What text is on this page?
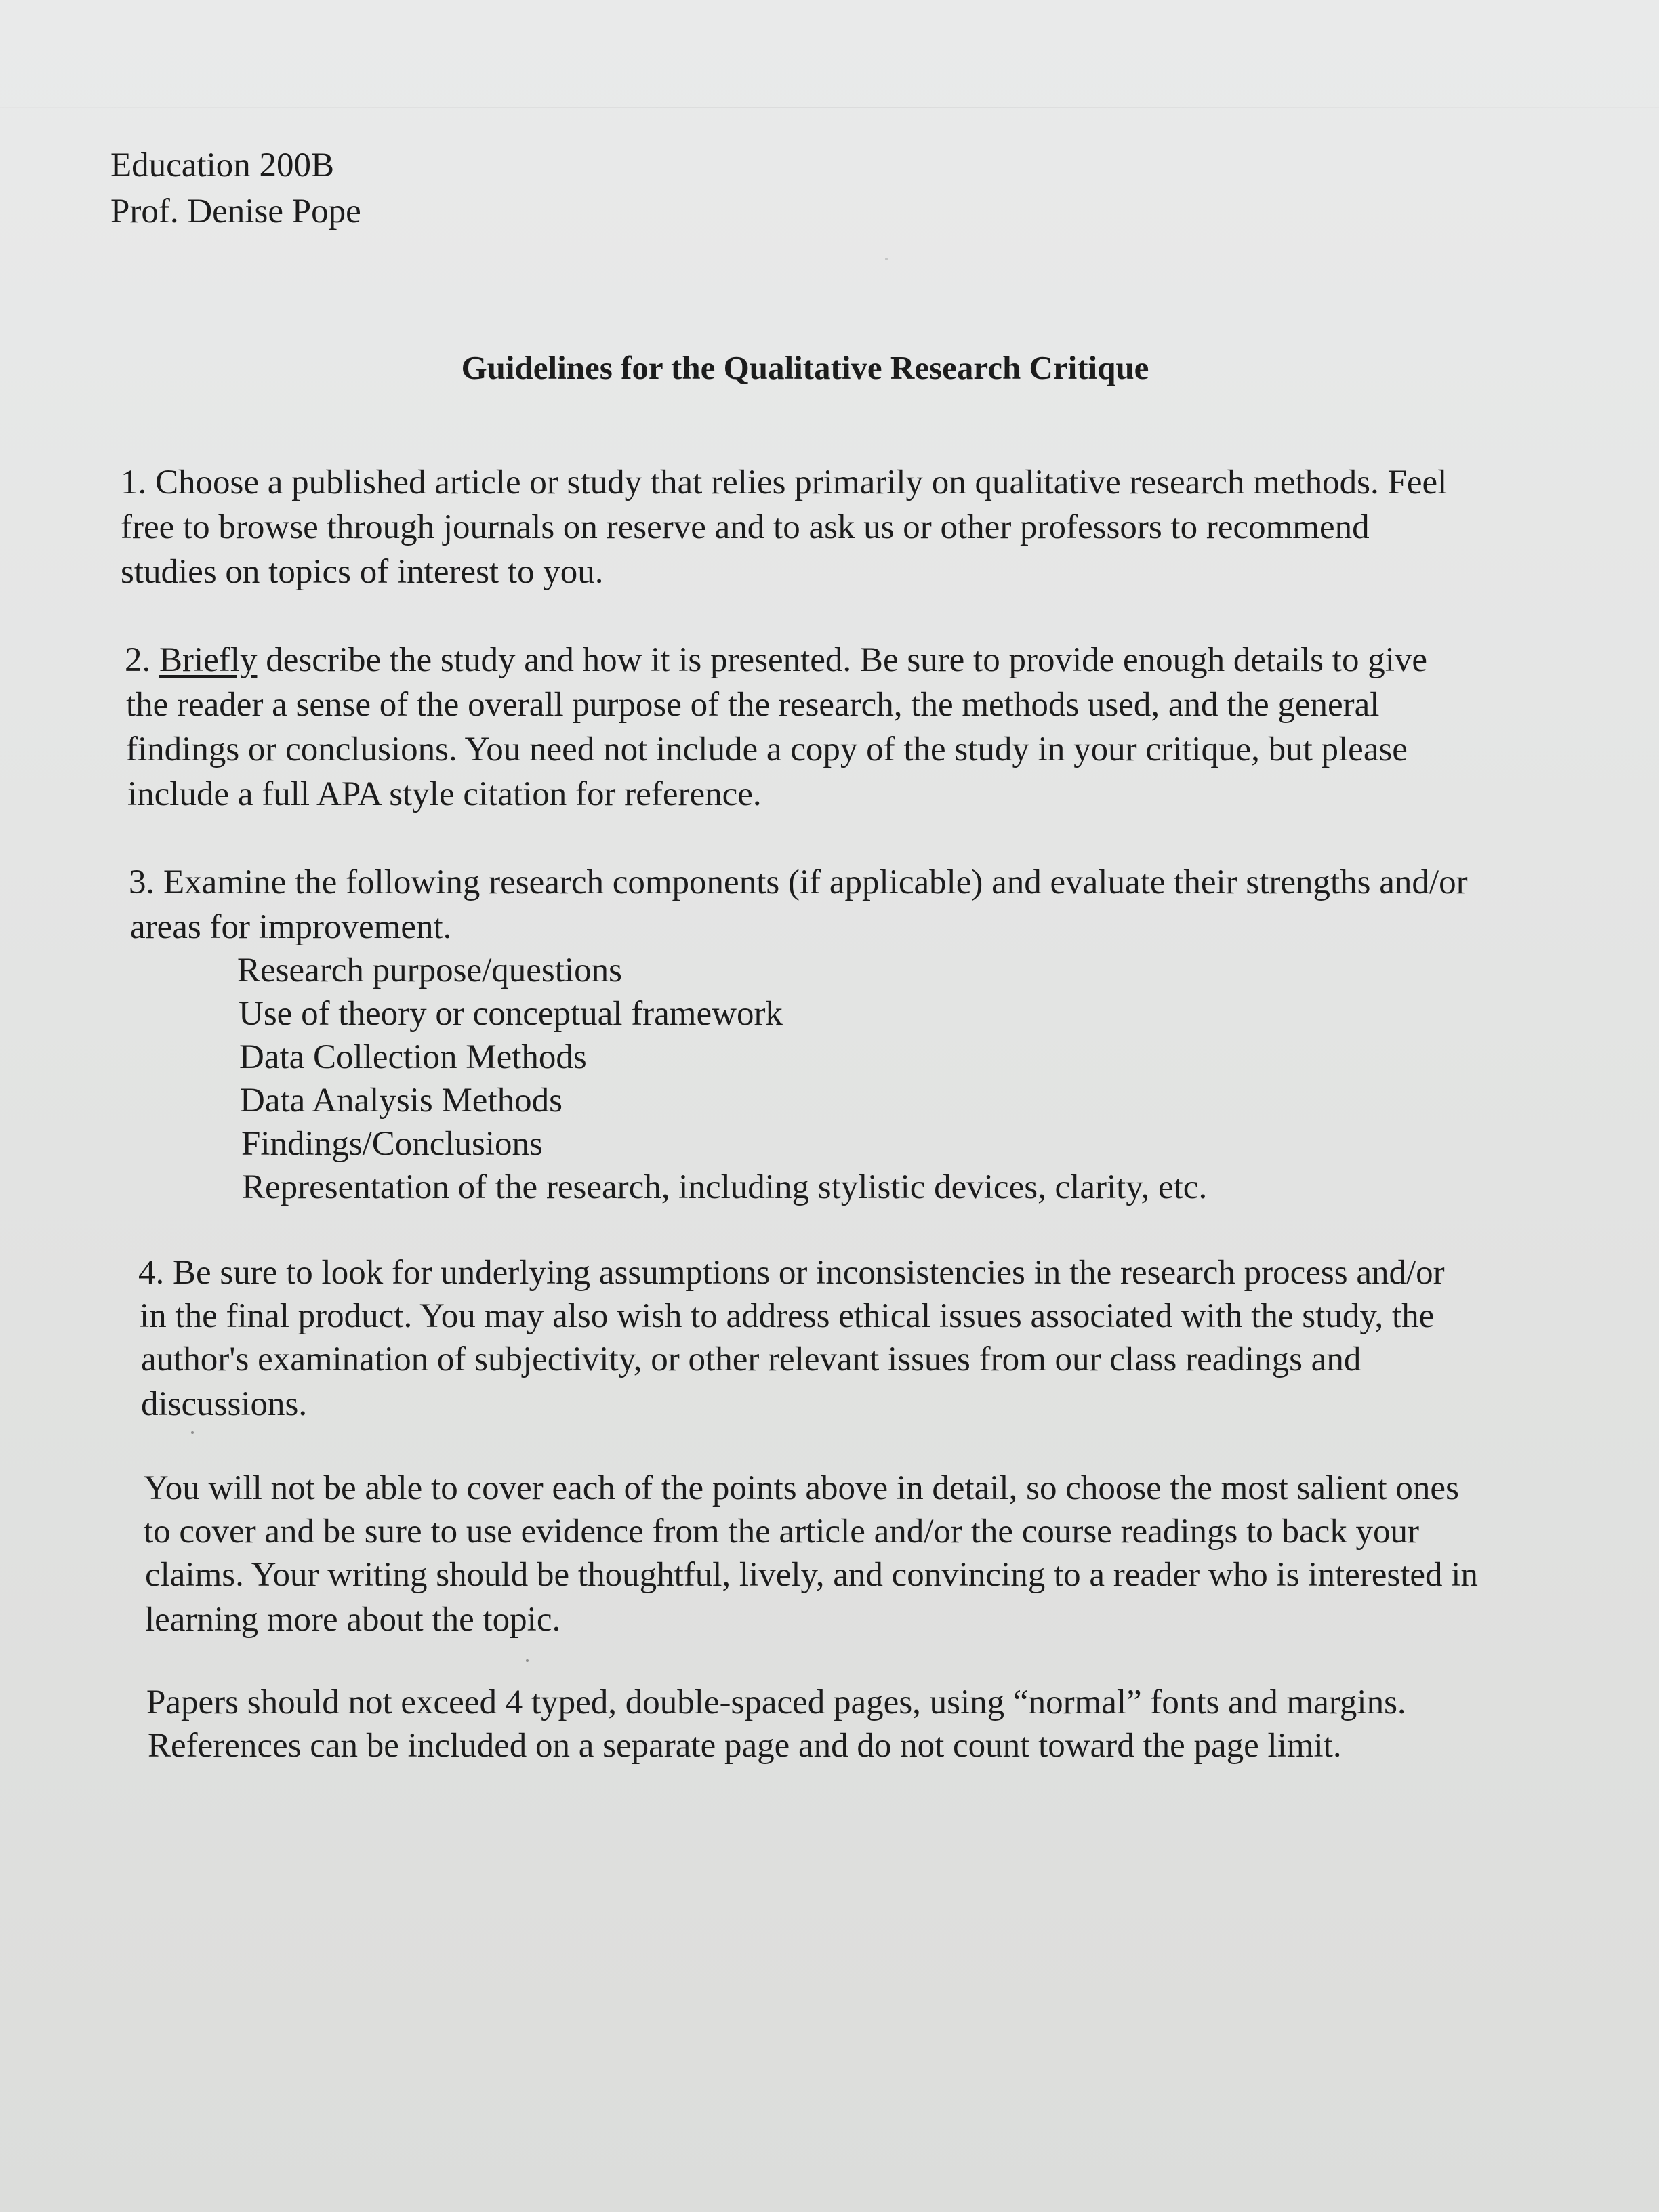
Education 200B

Prof. Denise Pope

Guidelines for the Qualitative Research Critique

1. Choose a published article or study that relies primarily on qualitative research methods. Feel

free to browse through journals on reserve and to ask us or other professors to recommend

studies on topics of interest to you.

2. Briefly describe the study and how it is presented. Be sure to provide enough details to give

the reader a sense of the overall purpose of the research, the methods used, and the general

findings or conclusions. You need not include a copy of the study in your critique, but please

include a full APA style citation for reference.

3. Examine the following research components (if applicable) and evaluate their strengths and/or

areas for improvement.

Research purpose/questions

Use of theory or conceptual framework

Data Collection Methods

Data Analysis Methods

Findings/Conclusions

Representation of the research, including stylistic devices, clarity, etc.

4. Be sure to look for underlying assumptions or inconsistencies in the research process and/or

in the final product. You may also wish to address ethical issues associated with the study, the

author's examination of subjectivity, or other relevant issues from our class readings and

discussions.

You will not be able to cover each of the points above in detail, so choose the most salient ones

to cover and be sure to use evidence from the article and/or the course readings to back your

claims. Your writing should be thoughtful, lively, and convincing to a reader who is interested in

learning more about the topic.

Papers should not exceed 4 typed, double-spaced pages, using “normal” fonts and margins.

References can be included on a separate page and do not count toward the page limit.
